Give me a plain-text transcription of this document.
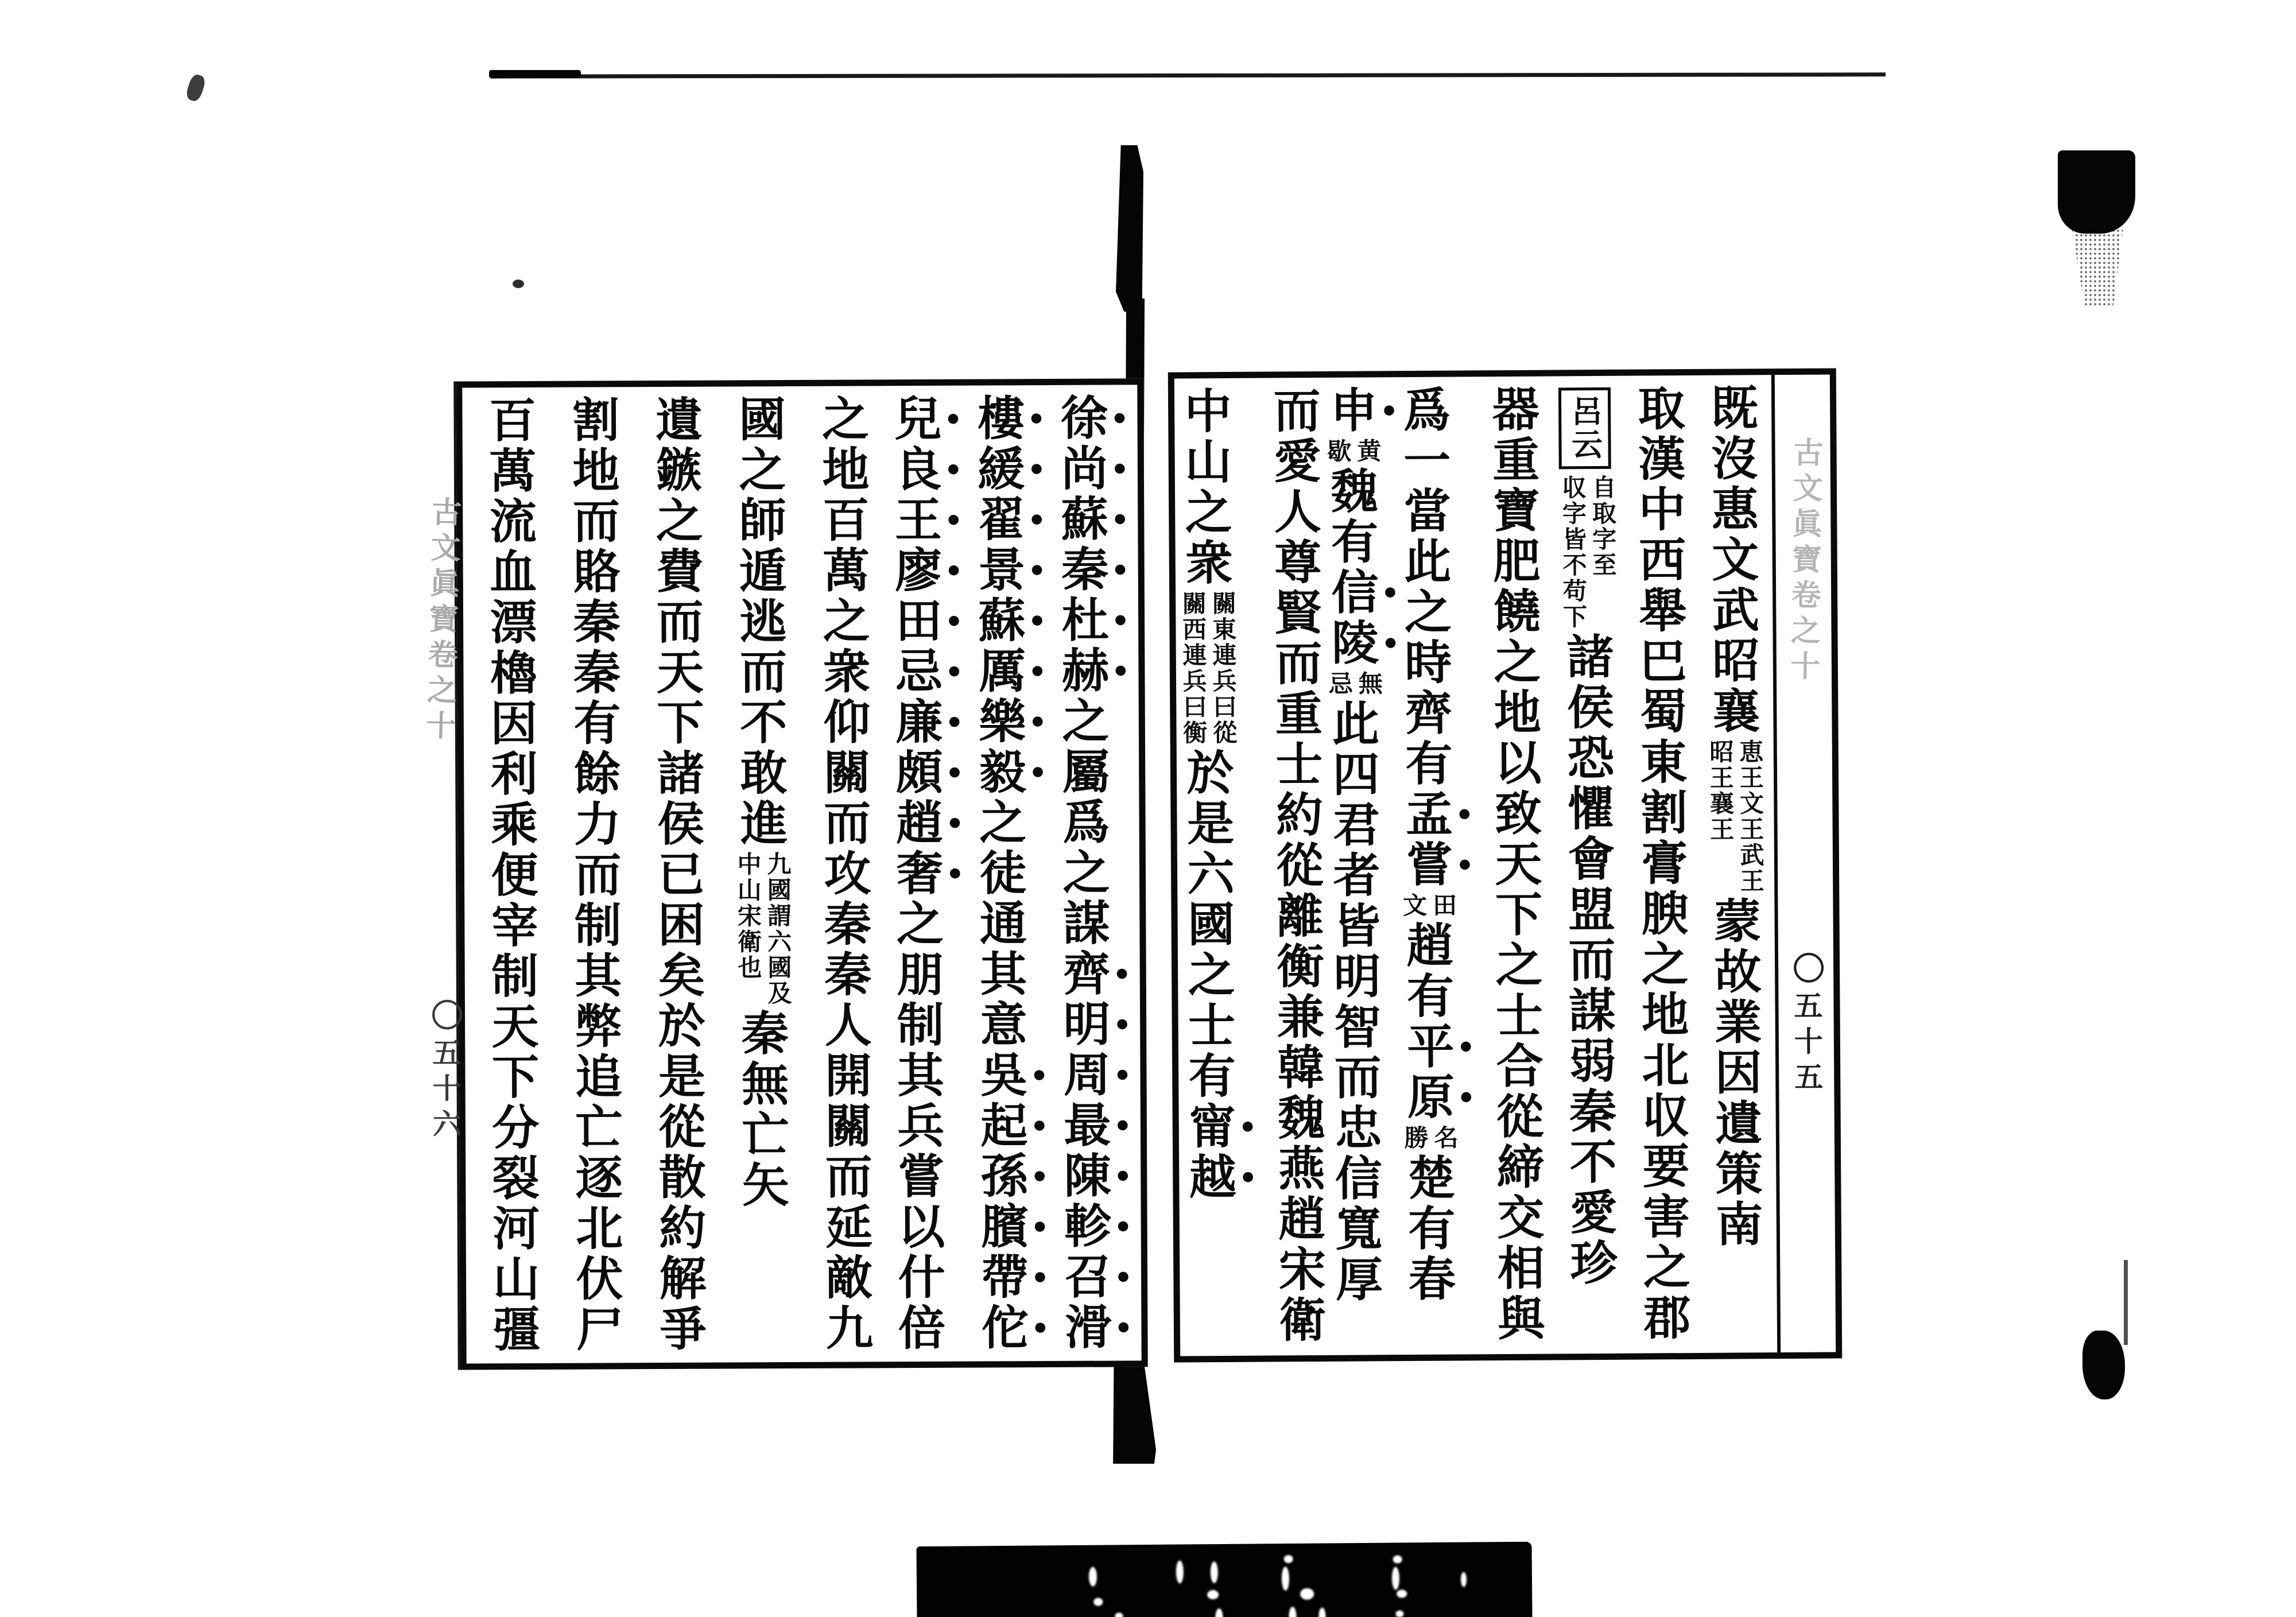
古文眞寶卷之十
〇五十六
徐尚蘇秦杜赫之屬爲之謀齊明周最陳軫召滑
樓緩翟景蘇厲樂毅之徒通其意吳起孫臏帶佗
兒良王廖田忌廉頗趙奢之朋制其兵嘗以什倍
之地百萬之衆仰關而攻秦秦人開關而延敵九
國之師遁逃而不敢進
九國謂六國及
中山宋衛也
秦無亡矢
遺鏃之費而天下諸侯已困矣於是從散約解爭
割地而賂秦秦有餘力而制其弊追亡逐北伏尸
百萬流血漂櫓因利乘便宰制天下分裂河山彊	既沒惠文武昭襄
恵王文王武王
昭王襄王
蒙故業因遺策南
取漢中西舉巴蜀東割膏腴之地北収要害之郡
呂云
自取字至
収字皆不苟下
諸侯恐懼會盟而謀弱秦不愛珍
器重寶肥饒之地以致天下之士合從締交相與
爲一當此之時齊有孟嘗
田
文
趙有平原
名
勝
楚有春
申
黄
歇
魏有信陵
無
忌
此四君者皆明智而忠信寬厚
而愛人尊賢而重士約從離衡兼韓魏燕趙宋衛
中山之衆
關東連兵曰從
關西連兵曰衡
於是六國之士有甯越
古文眞寶卷之十
〇五十五
